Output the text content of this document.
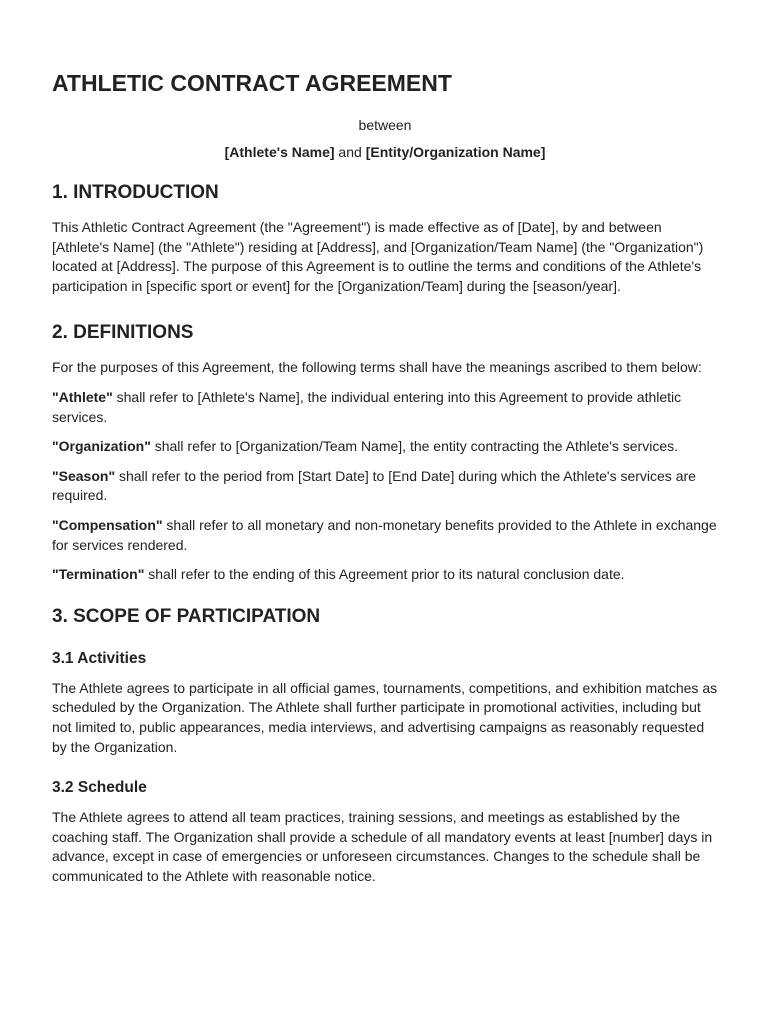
ATHLETIC CONTRACT AGREEMENT
between
[Athlete's Name] and [Entity/Organization Name]
1. INTRODUCTION

This Athletic Contract Agreement (the "Agreement") is made effective as of [Date], by and between [Athlete's Name] (the "Athlete") residing at [Address], and [Organization/Team Name] (the "Organization") located at [Address]. The purpose of this Agreement is to outline the terms and conditions of the Athlete's participation in [specific sport or event] for the [Organization/Team] during the [season/year].

2. DEFINITIONS

For the purposes of this Agreement, the following terms shall have the meanings ascribed to them below:

"Athlete" shall refer to [Athlete's Name], the individual entering into this Agreement to provide athletic services.

"Organization" shall refer to [Organization/Team Name], the entity contracting the Athlete's services.

"Season" shall refer to the period from [Start Date] to [End Date] during which the Athlete's services are required.

"Compensation" shall refer to all monetary and non-monetary benefits provided to the Athlete in exchange for services rendered.

"Termination" shall refer to the ending of this Agreement prior to its natural conclusion date.

3. SCOPE OF PARTICIPATION
3.1 Activities

The Athlete agrees to participate in all official games, tournaments, competitions, and exhibition matches as scheduled by the Organization. The Athlete shall further participate in promotional activities, including but not limited to, public appearances, media interviews, and advertising campaigns as reasonably requested by the Organization.

3.2 Schedule

The Athlete agrees to attend all team practices, training sessions, and meetings as established by the coaching staff. The Organization shall provide a schedule of all mandatory events at least [number] days in advance, except in case of emergencies or unforeseen circumstances. Changes to the schedule shall be communicated to the Athlete with reasonable notice.
